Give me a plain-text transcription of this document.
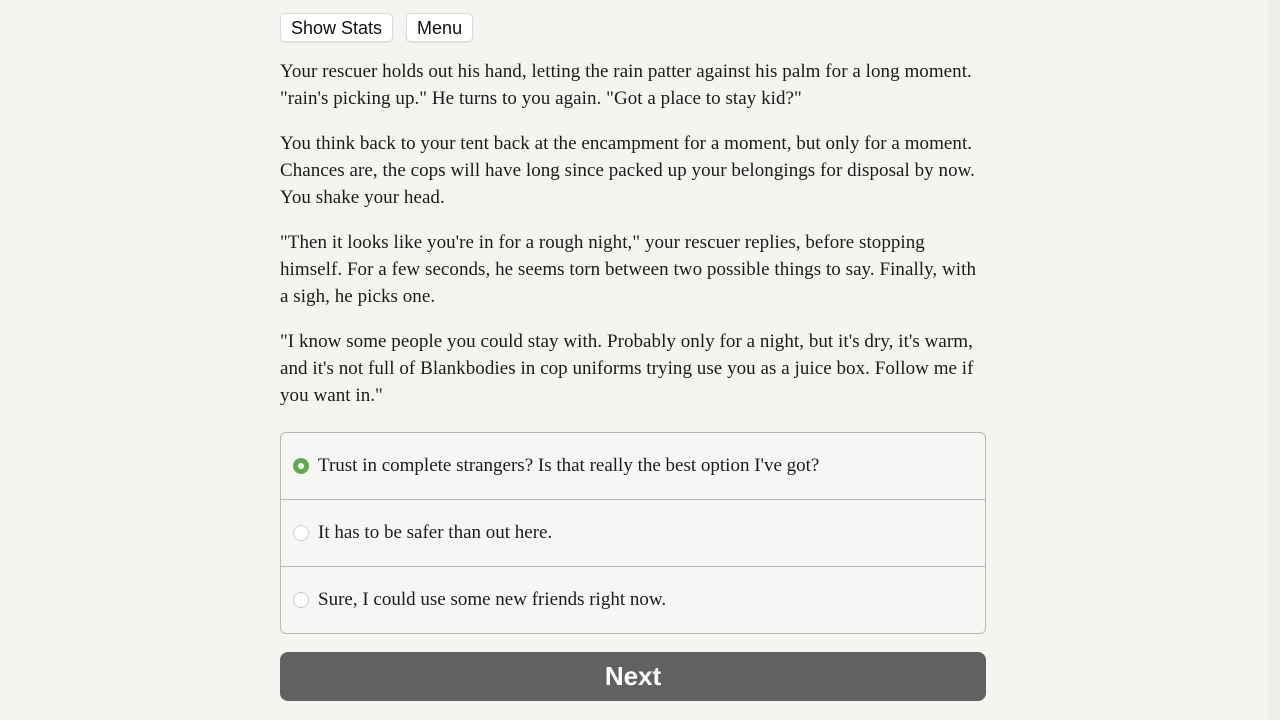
Show Stats	Menu

Your rescuer holds out his hand, letting the rain patter against his palm for a long moment. "rain's picking up." He turns to you again. "Got a place to stay kid?"

You think back to your tent back at the encampment for a moment, but only for a moment. Chances are, the cops will have long since packed up your belongings for disposal by now. You shake your head.

"Then it looks like you're in for a rough night," your rescuer replies, before stopping himself. For a few seconds, he seems torn between two possible things to say. Finally, with a sigh, he picks one.

"I know some people you could stay with. Probably only for a night, but it's dry, it's warm, and it's not full of Blankbodies in cop uniforms trying use you as a juice box. Follow me if you want in."

Trust in complete strangers? Is that really the best option I've got?
It has to be safer than out here.
Sure, I could use some new friends right now.
Next
